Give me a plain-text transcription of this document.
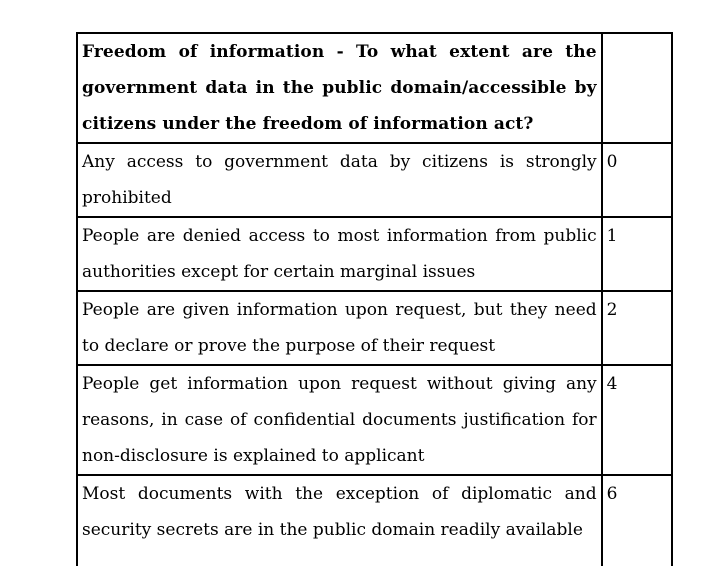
Freedom of information - To what extent are the government data in the public domain/accessible by citizens under the freedom of information act?	
Any access to government data by citizens is strongly prohibited	0
People are denied access to most information from public authorities except for certain marginal issues	1
People are given information upon request, but they need to declare or prove the purpose of their request	2
People get information upon request without giving any reasons, in case of confidential documents justification for non-disclosure is explained to applicant	4
Most documents with the exception of diplomatic and security secrets are in the public domain readily available	6
